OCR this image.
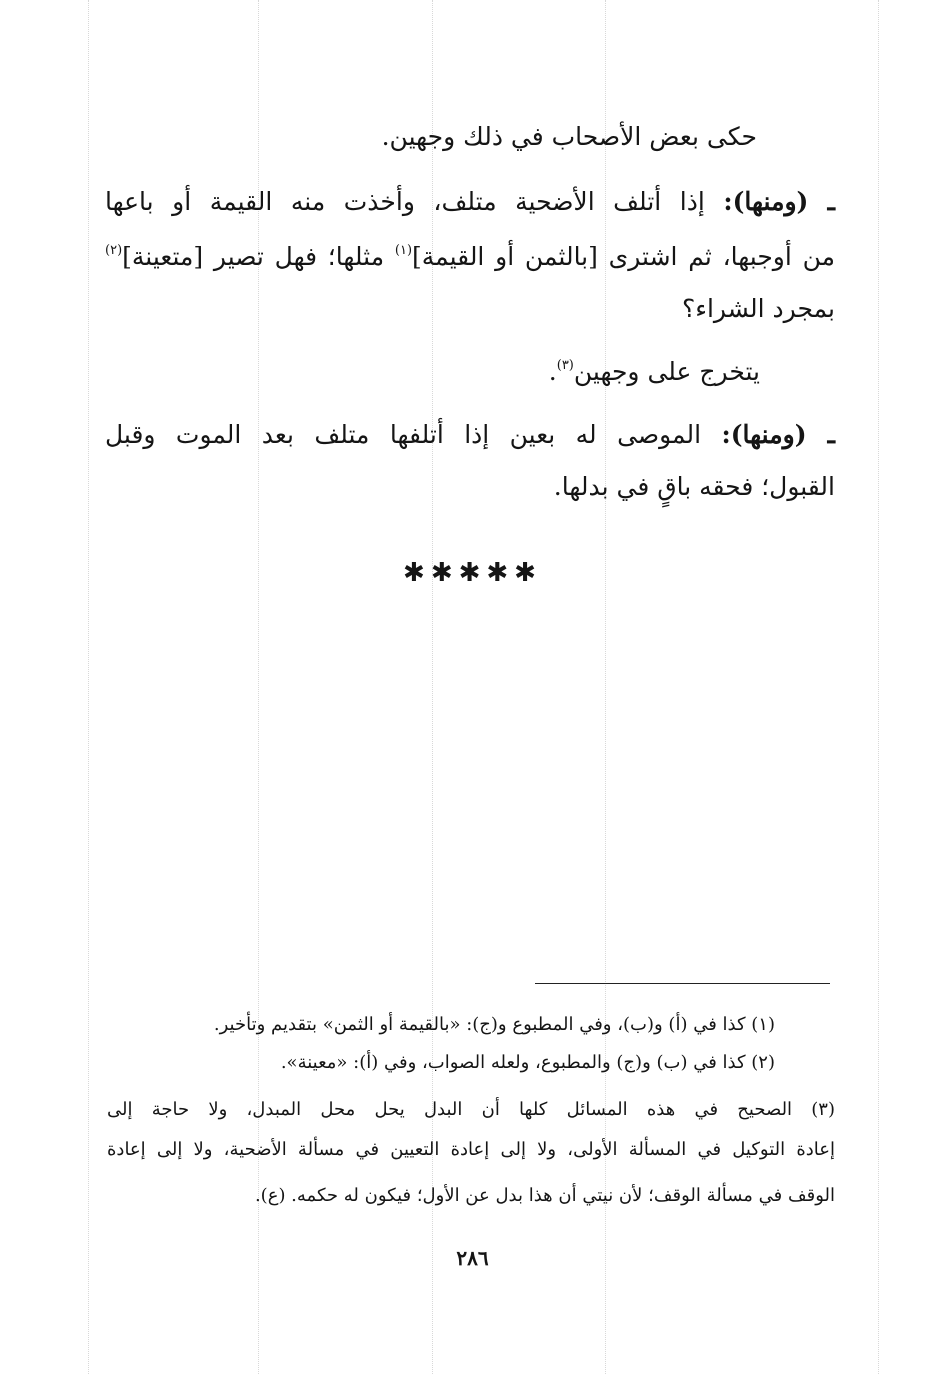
حكى بعض الأصحاب في ذلك وجهين.
ـ (ومنها): إذا أتلف الأضحية متلف، وأخذت منه القيمة أو باعها
من أوجبها، ثم اشترى [بالثمن أو القيمة]$^{(١)}$ مثلها؛ فهل تصير [متعينة]$^{(٢)}$
بمجرد الشراء؟
يتخرج على وجهين$^{(٣)}$.
ـ (ومنها): الموصى له بعين إذا أتلفها متلف بعد الموت وقبل
القبول؛ فحقه باقٍ في بدلها.
✱✱✱✱✱
(١) كذا في (أ) و(ب)، وفي المطبوع و(ج): «بالقيمة أو الثمن» بتقديم وتأخير.
(٢) كذا في (ب) و(ج) والمطبوع، ولعله الصواب، وفي (أ): «معينة».
(٣) الصحيح في هذه المسائل كلها أن البدل يحل محل المبدل، ولا حاجة إلى
إعادة التوكيل في المسألة الأولى، ولا إلى إعادة التعيين في مسألة الأضحية، ولا إلى إعادة
الوقف في مسألة الوقف؛ لأن نيتي أن هذا بدل عن الأول؛ فيكون له حكمه. (ع).
٢٨٦
